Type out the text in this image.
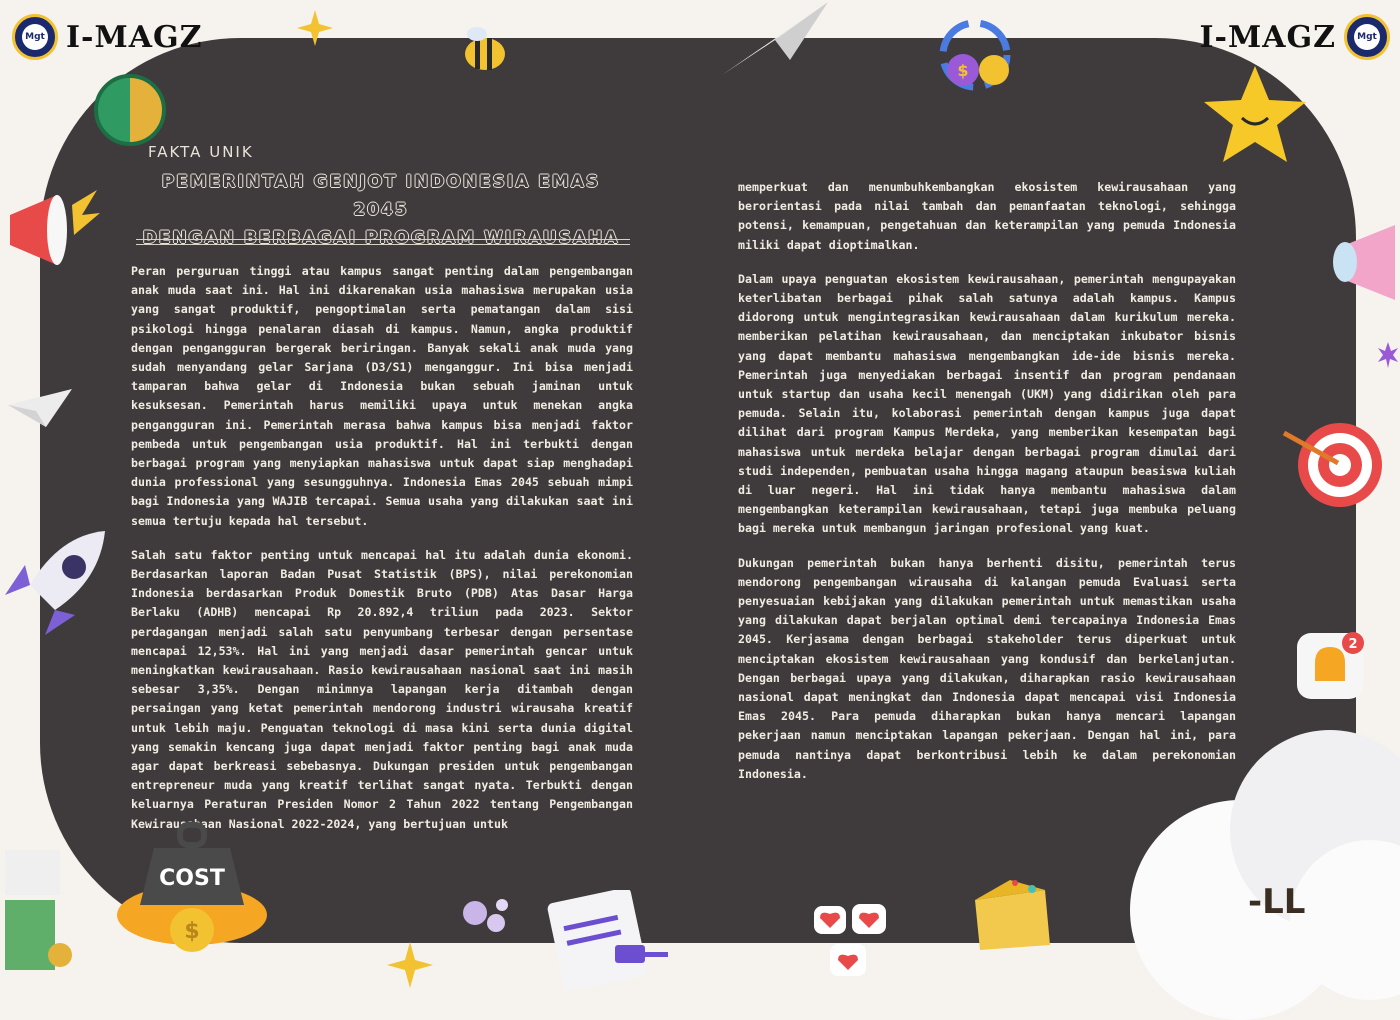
Mgt I-MAGZ	Mgt
I-MAGZ
FAKTA UNIK
PEMERINTAH GENJOT INDONESIA EMAS 2045
DENGAN BERBAGAI PROGRAM WIRAUSAHA

Peran perguruan tinggi atau kampus sangat penting dalam pengembangan anak muda saat ini. Hal ini dikarenakan usia mahasiswa merupakan usia yang sangat produktif, pengoptimalan serta pematangan dalam sisi psikologi hingga penalaran diasah di kampus. Namun, angka produktif dengan pengangguran bergerak beriringan. Banyak sekali anak muda yang sudah menyandang gelar Sarjana (D3/S1) menganggur. Ini bisa menjadi tamparan bahwa gelar di Indonesia bukan sebuah jaminan untuk kesuksesan. Pemerintah harus memiliki upaya untuk menekan angka pengangguran ini. Pemerintah merasa bahwa kampus bisa menjadi faktor pembeda untuk pengembangan usia produktif. Hal ini terbukti dengan berbagai program yang menyiapkan mahasiswa untuk dapat siap menghadapi dunia professional yang sesungguhnya. Indonesia Emas 2045 sebuah mimpi bagi Indonesia yang WAJIB tercapai. Semua usaha yang dilakukan saat ini semua tertuju kepada hal tersebut.

Salah satu faktor penting untuk mencapai hal itu adalah dunia ekonomi. Berdasarkan laporan Badan Pusat Statistik (BPS), nilai perekonomian Indonesia berdasarkan Produk Domestik Bruto (PDB) Atas Dasar Harga Berlaku (ADHB) mencapai Rp 20.892,4 triliun pada 2023. Sektor perdagangan menjadi salah satu penyumbang terbesar dengan persentase mencapai 12,53%. Hal ini yang menjadi dasar pemerintah gencar untuk meningkatkan kewirausahaan. Rasio kewirausahaan nasional saat ini masih sebesar 3,35%. Dengan minimnya lapangan kerja ditambah dengan persaingan yang ketat pemerintah mendorong industri wirausaha kreatif untuk lebih maju. Penguatan teknologi di masa kini serta dunia digital yang semakin kencang juga dapat menjadi faktor penting bagi anak muda agar dapat berkreasi sebebasnya. Dukungan presiden untuk pengembangan entrepreneur muda yang kreatif terlihat sangat nyata. Terbukti dengan keluarnya Peraturan Presiden Nomor 2 Tahun 2022 tentang Pengembangan Kewirausahaan Nasional 2022-2024, yang bertujuan untuk

memperkuat dan menumbuhkembangkan ekosistem kewirausahaan yang berorientasi pada nilai tambah dan pemanfaatan teknologi, sehingga potensi, kemampuan, pengetahuan dan keterampilan yang pemuda Indonesia miliki dapat dioptimalkan.

Dalam upaya penguatan ekosistem kewirausahaan, pemerintah mengupayakan keterlibatan berbagai pihak salah satunya adalah kampus. Kampus didorong untuk mengintegrasikan kewirausahaan dalam kurikulum mereka. memberikan pelatihan kewirausahaan, dan menciptakan inkubator bisnis yang dapat membantu mahasiswa mengembangkan ide-ide bisnis mereka. Pemerintah juga menyediakan berbagai insentif dan program pendanaan untuk startup dan usaha kecil menengah (UKM) yang didirikan oleh para pemuda. Selain itu, kolaborasi pemerintah dengan kampus juga dapat dilihat dari program Kampus Merdeka, yang memberikan kesempatan bagi mahasiswa untuk merdeka belajar dengan berbagai program dimulai dari studi independen, pembuatan usaha hingga magang ataupun beasiswa kuliah di luar negeri. Hal ini tidak hanya membantu mahasiswa dalam mengembangkan keterampilan kewirausahaan, tetapi juga membuka peluang bagi mereka untuk membangun jaringan profesional yang kuat.

Dukungan pemerintah bukan hanya berhenti disitu, pemerintah terus mendorong pengembangan wirausaha di kalangan pemuda Evaluasi serta penyesuaian kebijakan yang dilakukan pemerintah untuk memastikan usaha yang dilakukan dapat berjalan optimal demi tercapainya Indonesia Emas 2045. Kerjasama dengan berbagai stakeholder terus diperkuat untuk menciptakan ekosistem kewirausahaan yang kondusif dan berkelanjutan. Dengan berbagai upaya yang dilakukan, diharapkan rasio kewirausahaan nasional dapat meningkat dan Indonesia dapat mencapai visi Indonesia Emas 2045. Para pemuda diharapkan bukan hanya mencari lapangan pekerjaan namun menciptakan lapangan pekerjaan. Dengan hal ini, para pemuda nantinya dapat berkontribusi lebih ke dalam perekonomian Indonesia.

-LL
$
2
COST
$
